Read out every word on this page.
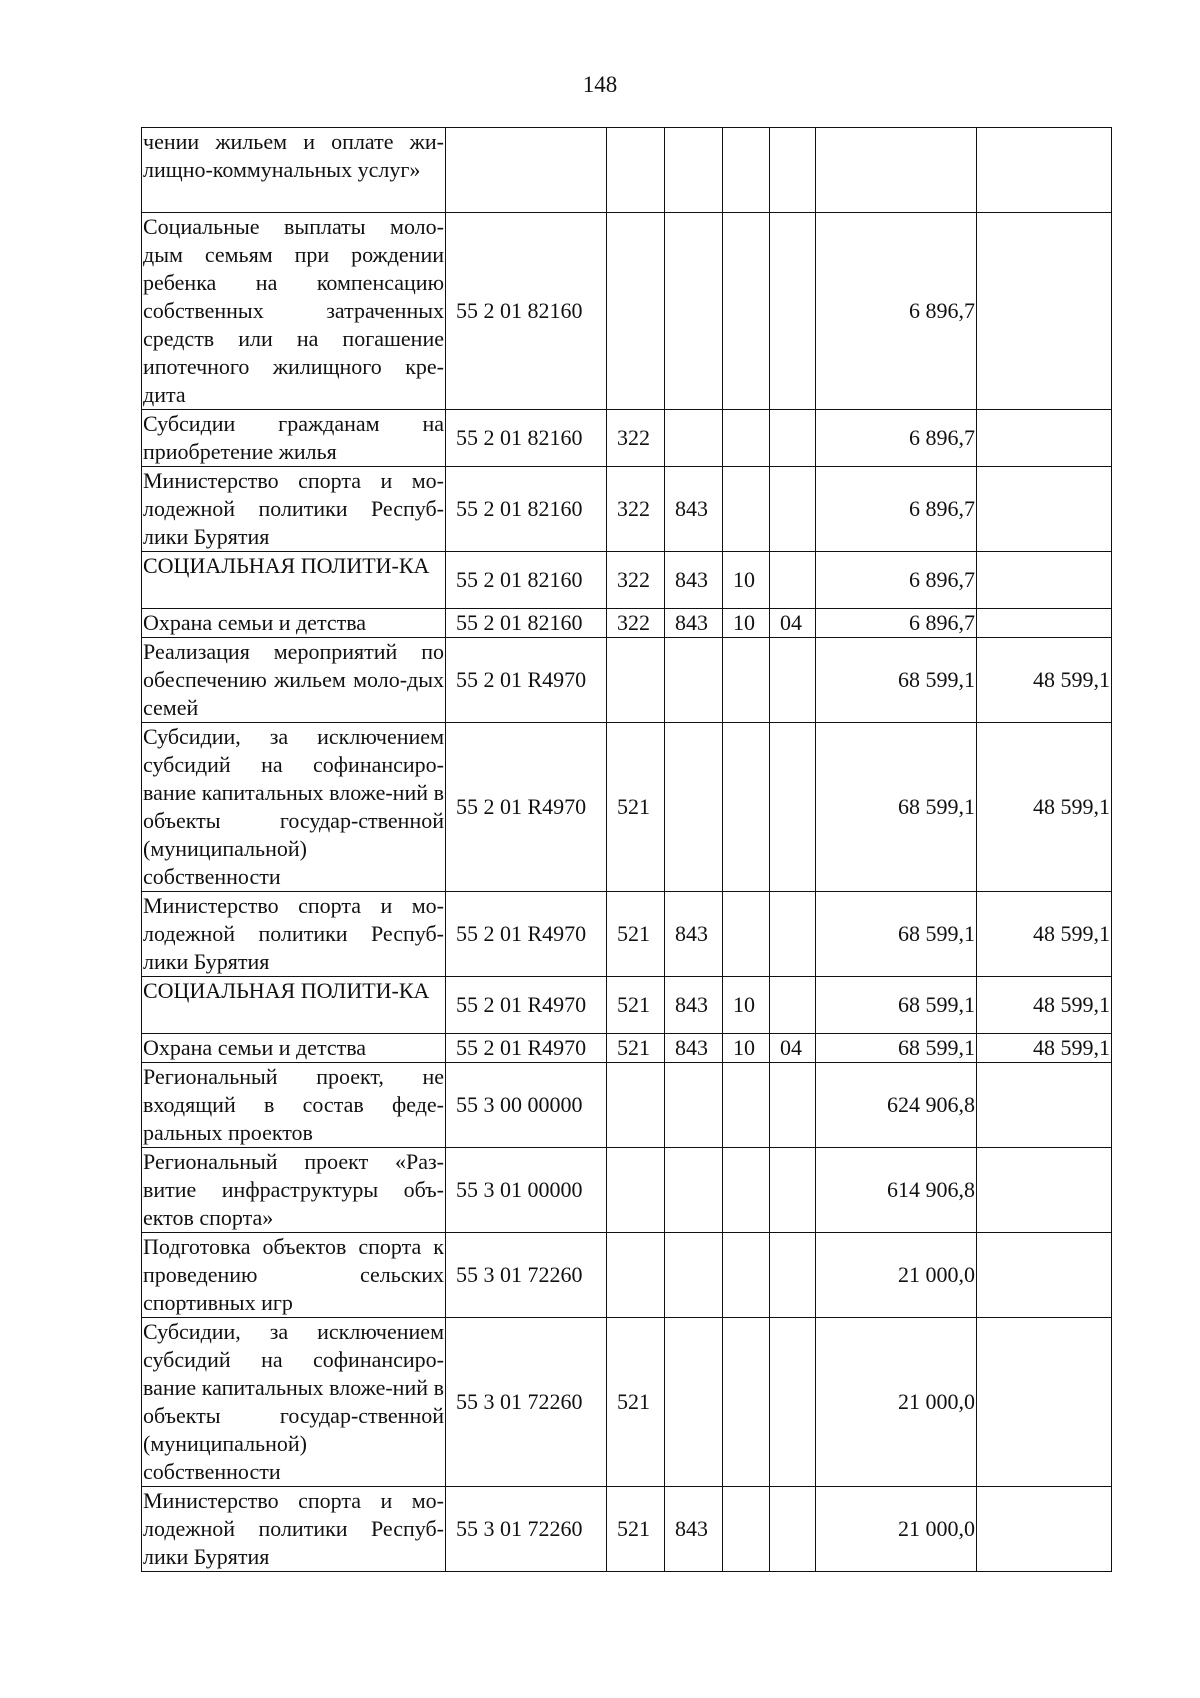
148
чении жильем и оплате жи-лищно-коммунальных услуг»							
Социальные выплаты моло-дым семьям при рождении ребенка на компенсацию собственных затраченных средств или на погашение ипотечного жилищного кре-дита	55 2 01 82160					6 896,7	
Субсидии гражданам на приобретение жилья	55 2 01 82160	322				6 896,7	
Министерство спорта и мо-лодежной политики Респуб-лики Бурятия	55 2 01 82160	322	843			6 896,7	
СОЦИАЛЬНАЯ ПОЛИТИ-КА	55 2 01 82160	322	843	10		6 896,7	
Охрана семьи и детства	55 2 01 82160	322	843	10	04	6 896,7	
Реализация мероприятий по обеспечению жильем моло-дых семей	55 2 01 R4970					68 599,1	48 599,1
Субсидии, за исключением субсидий на софинансиро-вание капитальных вложе-ний в объекты государ-ственной (муниципальной) собственности	55 2 01 R4970	521				68 599,1	48 599,1
Министерство спорта и мо-лодежной политики Респуб-лики Бурятия	55 2 01 R4970	521	843			68 599,1	48 599,1
СОЦИАЛЬНАЯ ПОЛИТИ-КА	55 2 01 R4970	521	843	10		68 599,1	48 599,1
Охрана семьи и детства	55 2 01 R4970	521	843	10	04	68 599,1	48 599,1
Региональный проект, не входящий в состав феде-ральных проектов	55 3 00 00000					624 906,8	
Региональный проект «Раз-витие инфраструктуры объ-ектов спорта»	55 3 01 00000					614 906,8	
Подготовка объектов спорта к проведению сельских спортивных игр	55 3 01 72260					21 000,0	
Субсидии, за исключением субсидий на софинансиро-вание капитальных вложе-ний в объекты государ-ственной (муниципальной) собственности	55 3 01 72260	521				21 000,0	
Министерство спорта и мо-лодежной политики Респуб-лики Бурятия	55 3 01 72260	521	843			21 000,0	
